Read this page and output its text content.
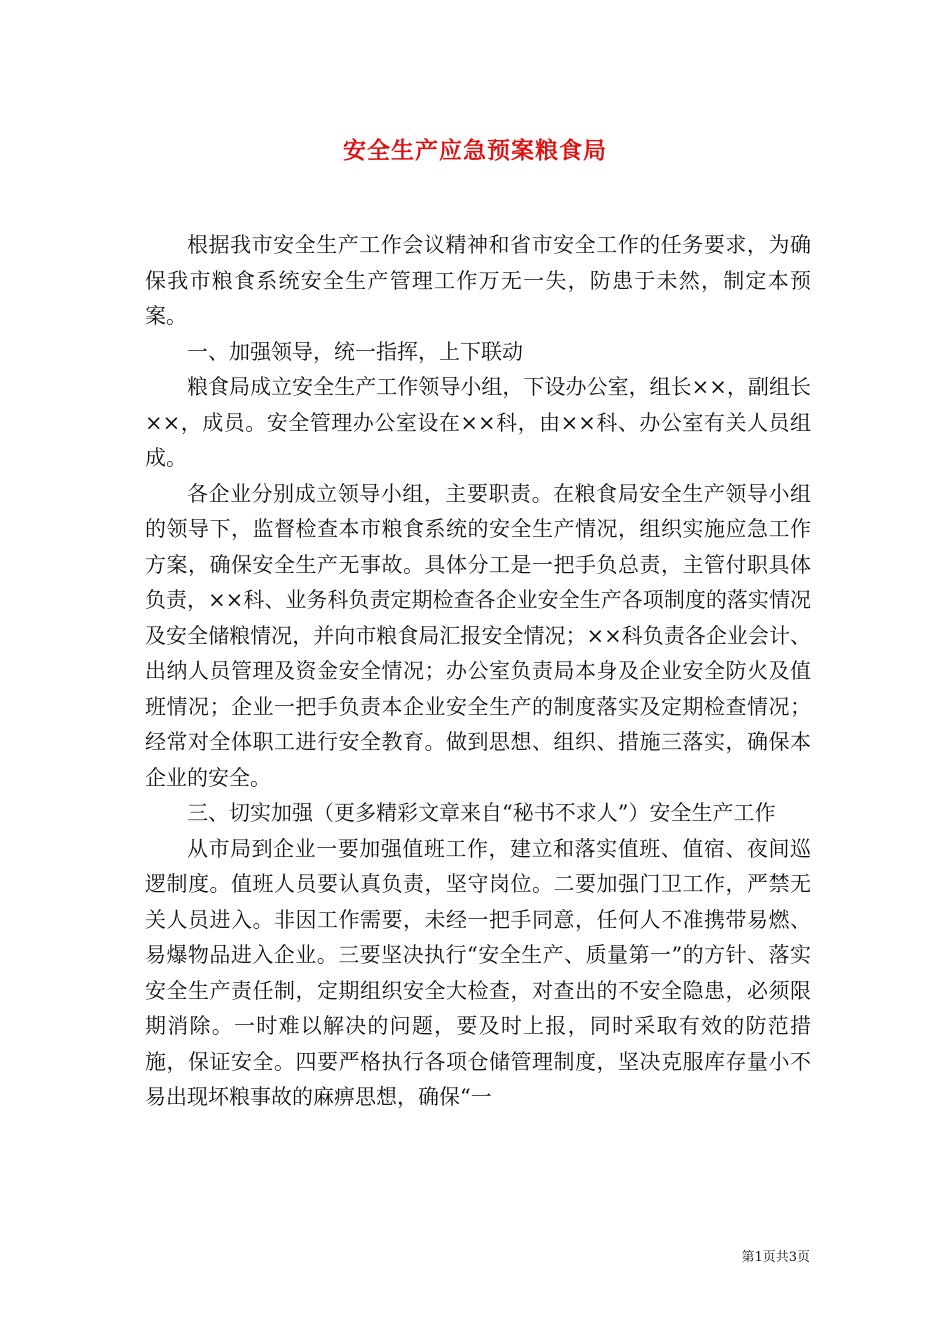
安全生产应急预案粮食局

根据我市安全生产工作会议精神和省市安全工作的任务要求，为确保我市粮食系统安全生产管理工作万无一失，防患于未然，制定本预案。

一、加强领导，统一指挥，上下联动

粮食局成立安全生产工作领导小组，下设办公室，组长××，副组长××，成员。安全管理办公室设在××科，由××科、办公室有关人员组成。

各企业分别成立领导小组，主要职责。在粮食局安全生产领导小组的领导下，监督检查本市粮食系统的安全生产情况，组织实施应急工作方案，确保安全生产无事故。具体分工是一把手负总责，主管付职具体负责，××科、业务科负责定期检查各企业安全生产各项制度的落实情况及安全储粮情况，并向市粮食局汇报安全情况；××科负责各企业会计、出纳人员管理及资金安全情况；办公室负责局本身及企业安全防火及值班情况；企业一把手负责本企业安全生产的制度落实及定期检查情况；经常对全体职工进行安全教育。做到思想、组织、措施三落实，确保本企业的安全。

三、切实加强（更多精彩文章来自“秘书不求人”）安全生产工作

从市局到企业一要加强值班工作，建立和落实值班、值宿、夜间巡逻制度。值班人员要认真负责，坚守岗位。二要加强门卫工作，严禁无关人员进入。非因工作需要，未经一把手同意，任何人不准携带易燃、易爆物品进入企业。三要坚决执行“安全生产、质量第一”的方针、落实安全生产责任制，定期组织安全大检查，对查出的不安全隐患，必须限期消除。一时难以解决的问题，要及时上报，同时采取有效的防范措施，保证安全。四要严格执行各项仓储管理制度，坚决克服库存量小不易出现坏粮事故的麻痹思想，确保“一

第1页共3页
